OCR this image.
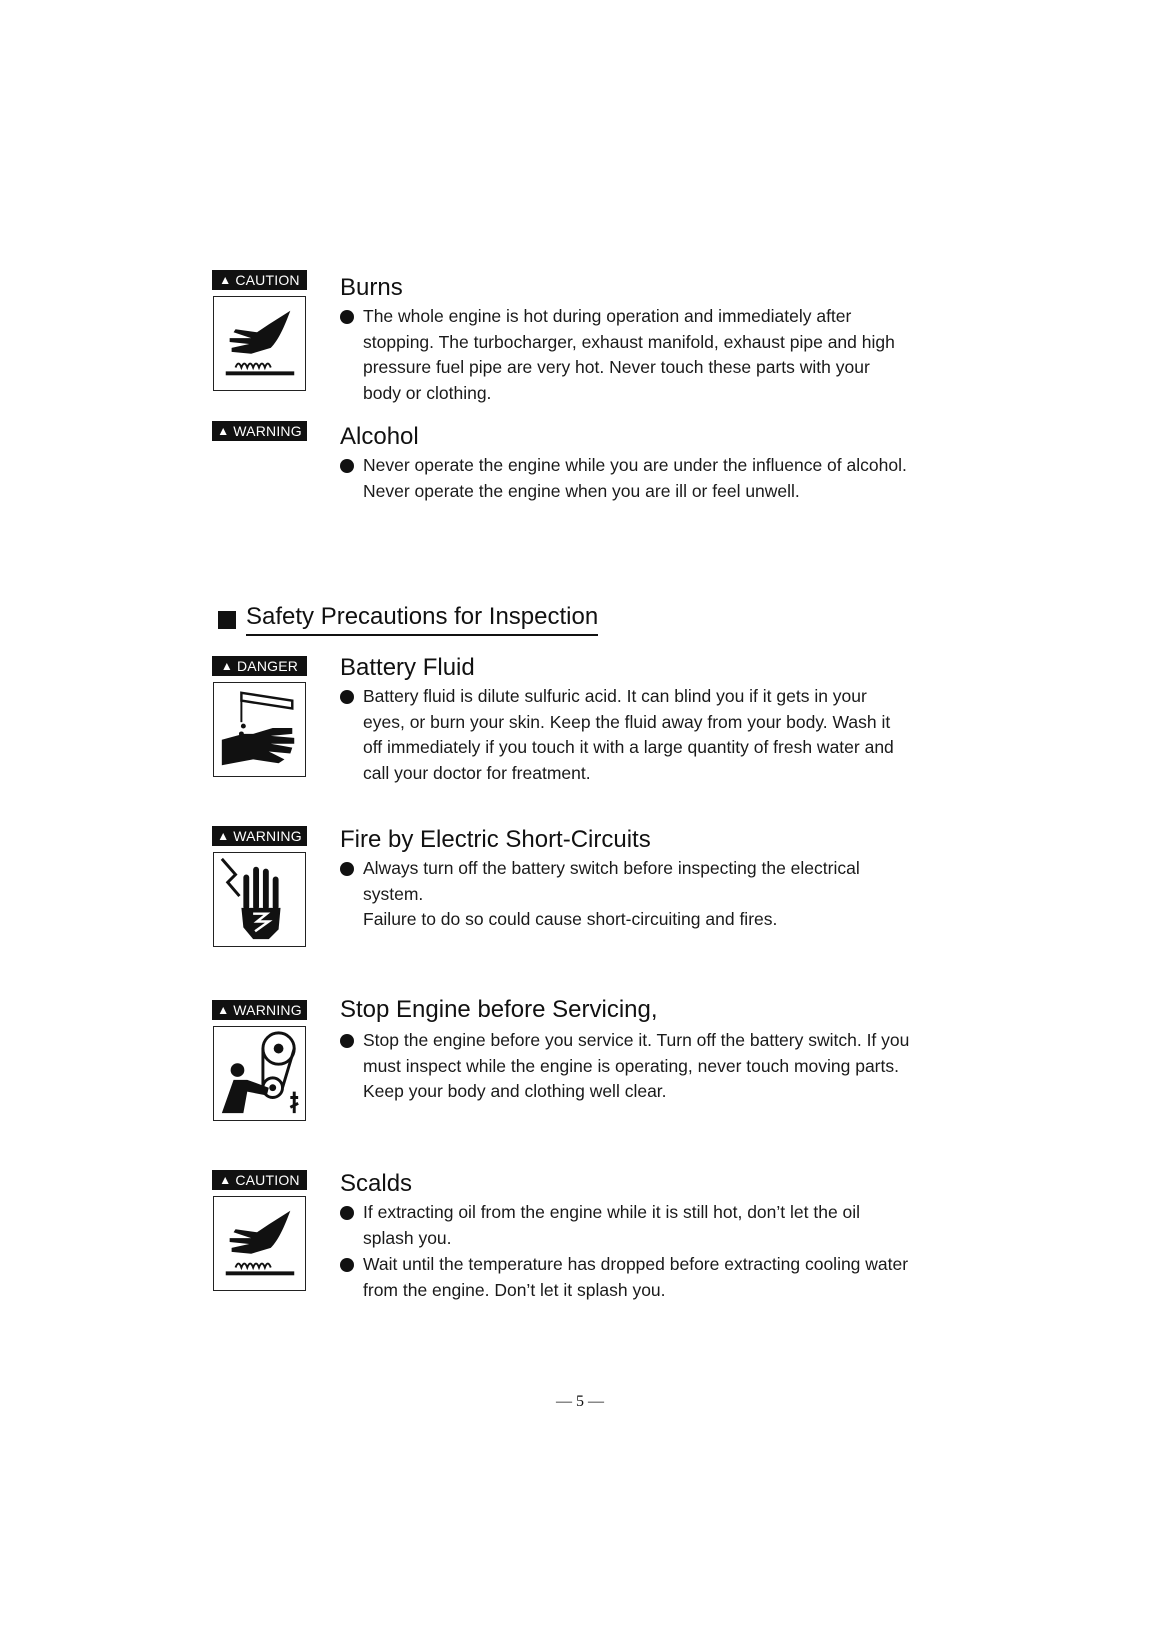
▲ CAUTION Burns
The whole engine is hot during operation and immediately after
stopping. The turbocharger, exhaust manifold, exhaust pipe and high
pressure fuel pipe are very hot. Never touch these parts with your
body or clothing.
▲ WARNING Alcohol
Never operate the engine while you are under the influence of alcohol.
Never operate the engine when you are ill or feel unwell.
Safety Precautions for Inspection
▲ DANGER Battery Fluid
Battery fluid is dilute sulfuric acid. It can blind you if it gets in your
eyes, or burn your skin. Keep the fluid away from your body. Wash it
off immediately if you touch it with a large quantity of fresh water and
call your doctor for freatment.
▲ WARNING Fire by Electric Short-Circuits
Always turn off the battery switch before inspecting the electrical
system.
Failure to do so could cause short-circuiting and fires.
▲ WARNING Stop Engine before Servicing,
Stop the engine before you service it. Turn off the battery switch. If you
must inspect while the engine is operating, never touch moving parts.
Keep your body and clothing well clear.
▲ CAUTION Scalds
If extracting oil from the engine while it is still hot, don’t let the oil
splash you.
Wait until the temperature has dropped before extracting cooling water
from the engine. Don’t let it splash you.
— 5 —
